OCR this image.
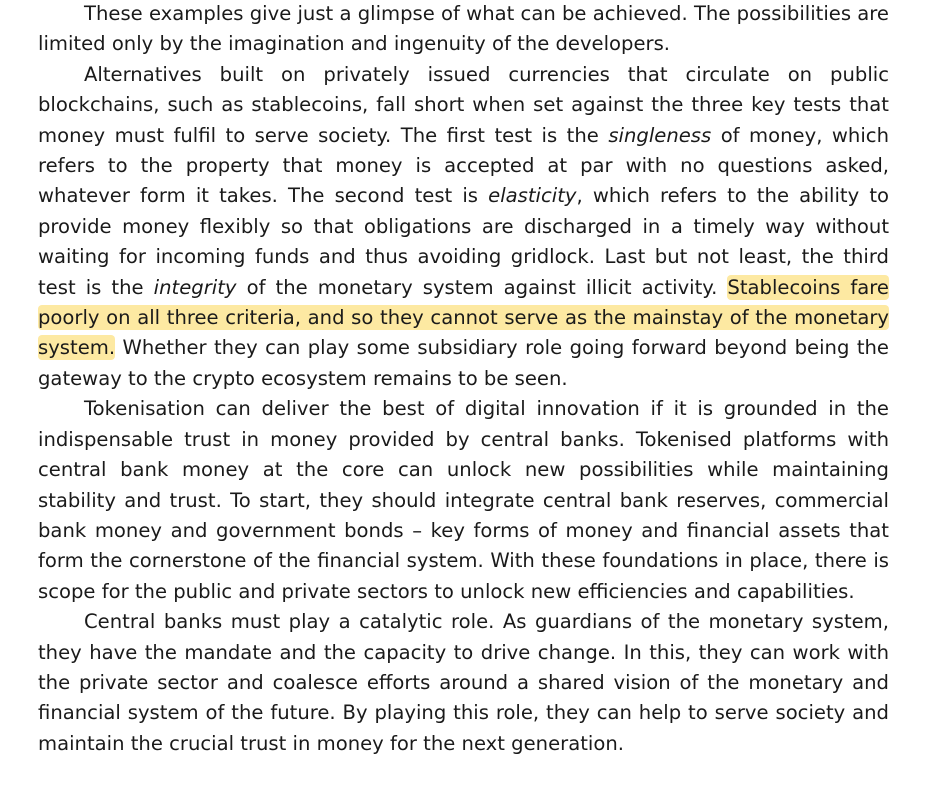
These examples give just a glimpse of what can be achieved. The possibilities are limited only by the imagination and ingenuity of the developers.

Alternatives built on privately issued currencies that circulate on public blockchains, such as stablecoins, fall short when set against the three key tests that money must fulfil to serve society. The first test is the singleness of money, which refers to the property that money is accepted at par with no questions asked, whatever form it takes. The second test is elasticity, which refers to the ability to provide money flexibly so that obligations are discharged in a timely way without waiting for incoming funds and thus avoiding gridlock. Last but not least, the third test is the integrity of the monetary system against illicit activity. Stablecoins fare poorly on all three criteria, and so they cannot serve as the mainstay of the monetary system. Whether they can play some subsidiary role going forward beyond being the gateway to the crypto ecosystem remains to be seen.

Tokenisation can deliver the best of digital innovation if it is grounded in the indispensable trust in money provided by central banks. Tokenised platforms with central bank money at the core can unlock new possibilities while maintaining stability and trust. To start, they should integrate central bank reserves, commercial bank money and government bonds – key forms of money and financial assets that form the cornerstone of the financial system. With these foundations in place, there is scope for the public and private sectors to unlock new efficiencies and capabilities.

Central banks must play a catalytic role. As guardians of the monetary system, they have the mandate and the capacity to drive change. In this, they can work with the private sector and coalesce efforts around a shared vision of the monetary and financial system of the future. By playing this role, they can help to serve society and maintain the crucial trust in money for the next generation.
